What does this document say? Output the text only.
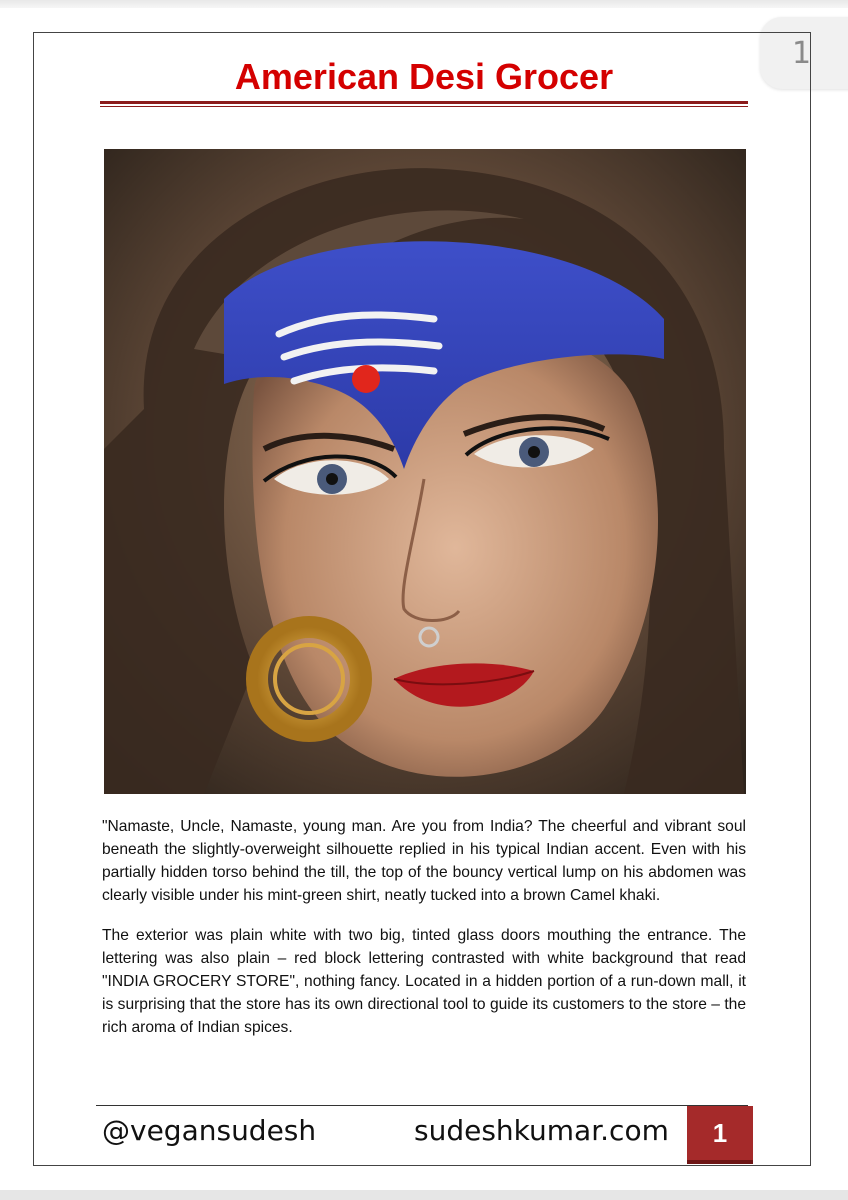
1
American Desi Grocer

"Namaste, Uncle, Namaste, young man. Are you from India? The cheerful and vibrant soul beneath the slightly-overweight silhouette replied in his typical Indian accent. Even with his partially hidden torso behind the till, the top of the bouncy vertical lump on his abdomen was clearly visible under his mint-green shirt, neatly tucked into a brown Camel khaki.

The exterior was plain white with two big, tinted glass doors mouthing the entrance. The lettering was also plain – red block lettering contrasted with white background that read "INDIA GROCERY STORE", nothing fancy. Located in a hidden portion of a run-down mall, it is surprising that the store has its own directional tool to guide its customers to the store – the rich aroma of Indian spices.

@vegansudesh	sudeshkumar.com	1
